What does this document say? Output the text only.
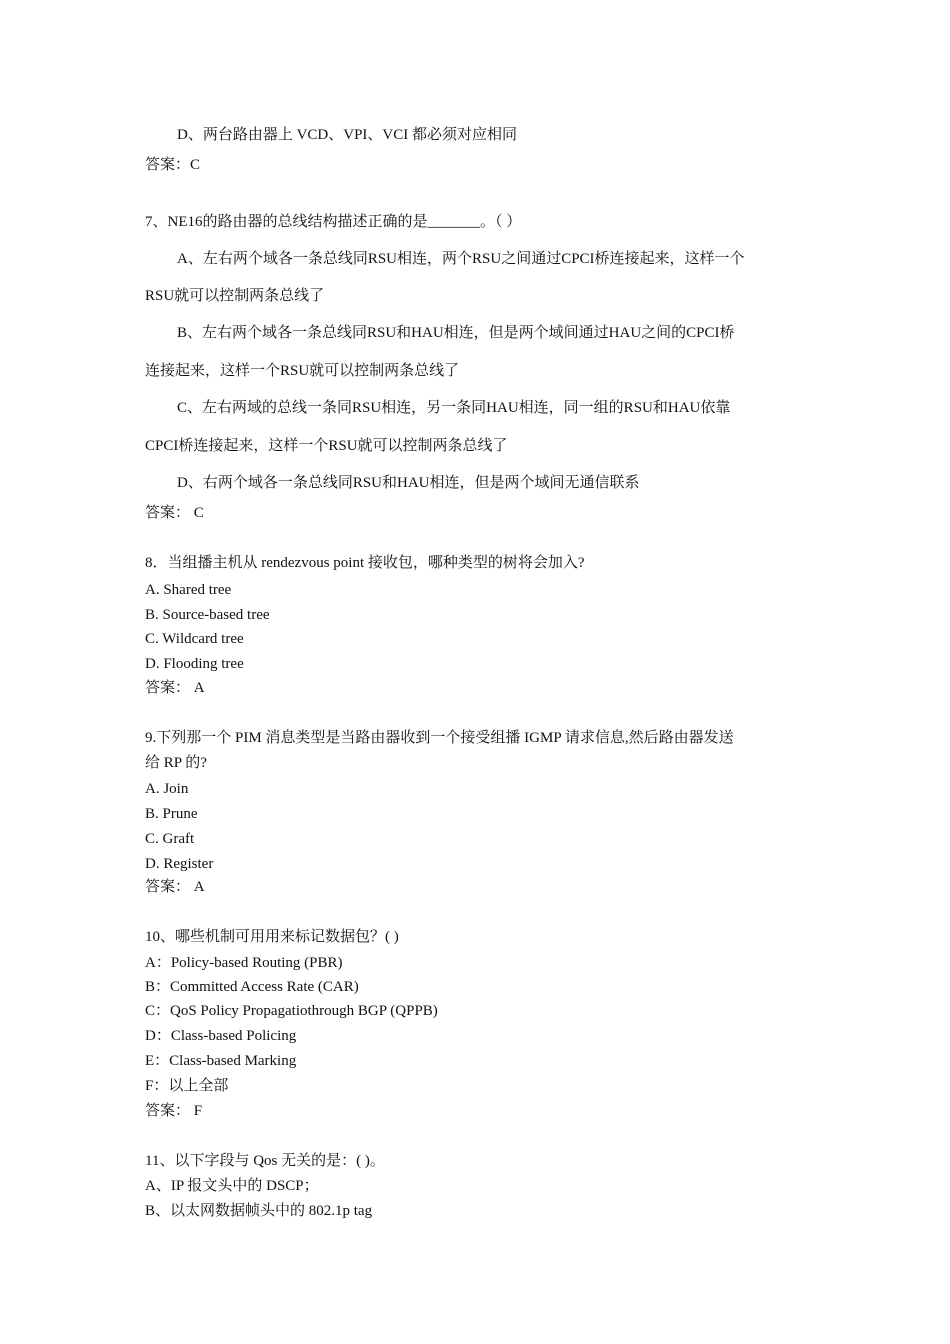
D、两台路由器上 VCD、VPI、VCI 都必须对应相同
答案：C
7、NE16的路由器的总线结构描述正确的是_______。（ ）
A、左右两个域各一条总线同RSU相连，两个RSU之间通过CPCI桥连接起来，这样一个
RSU就可以控制两条总线了
B、左右两个域各一条总线同RSU和HAU相连，但是两个域间通过HAU之间的CPCI桥
连接起来，这样一个RSU就可以控制两条总线了
C、左右两域的总线一条同RSU相连，另一条同HAU相连，同一组的RSU和HAU依靠
CPCI桥连接起来，这样一个RSU就可以控制两条总线了
D、右两个域各一条总线同RSU和HAU相连，但是两个域间无通信联系
答案： C
8．当组播主机从 rendezvous point 接收包，哪种类型的树将会加入?
A. Shared tree
B. Source-based tree
C. Wildcard tree
D. Flooding tree
答案： A
9.下列那一个 PIM 消息类型是当路由器收到一个接受组播 IGMP 请求信息,然后路由器发送
给 RP 的?
A. Join
B. Prune
C. Graft
D. Register
答案： A
10、哪些机制可用用来标记数据包？( )
A：Policy-based Routing (PBR)
B：Committed Access Rate (CAR)
C：QoS Policy Propagatiothrough BGP (QPPB)
D：Class-based Policing
E：Class-based Marking
F：以上全部
答案： F
11、以下字段与 Qos 无关的是：( )。
A、IP 报文头中的 DSCP；
B、以太网数据帧头中的 802.1p tag
